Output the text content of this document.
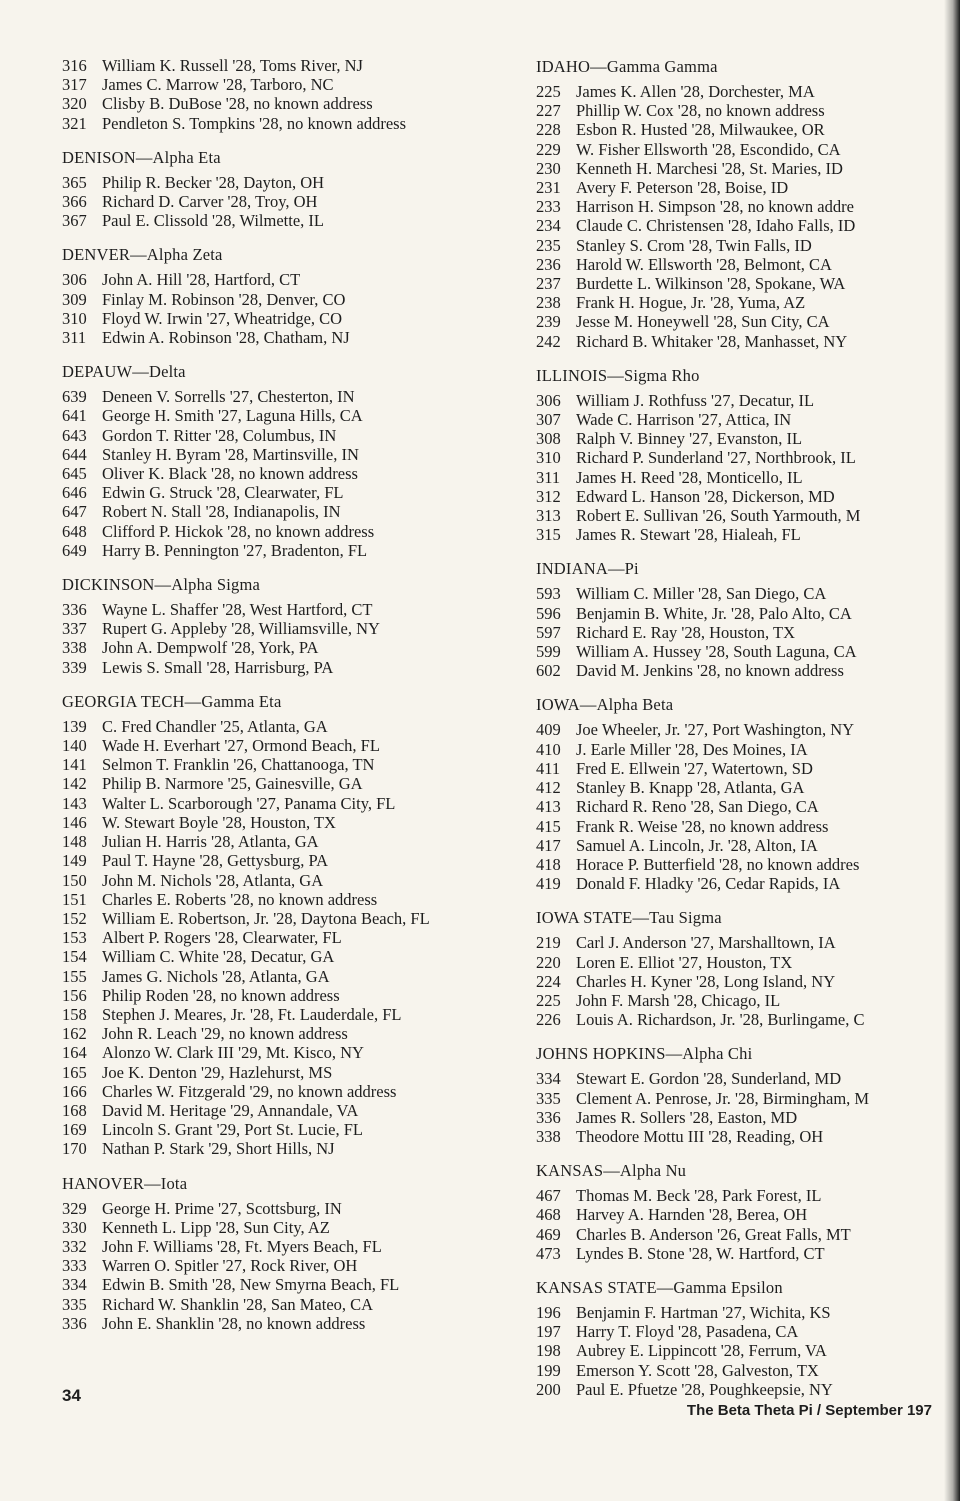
316 William K. Russell '28, Toms River, NJ
317 James C. Marrow '28, Tarboro, NC
320 Clisby B. DuBose '28, no known address
321 Pendleton S. Tompkins '28, no known address
DENISON—Alpha Eta
365 Philip R. Becker '28, Dayton, OH
366 Richard D. Carver '28, Troy, OH
367 Paul E. Clissold '28, Wilmette, IL
DENVER—Alpha Zeta
306 John A. Hill '28, Hartford, CT
309 Finlay M. Robinson '28, Denver, CO
310 Floyd W. Irwin '27, Wheatridge, CO
311 Edwin A. Robinson '28, Chatham, NJ
DEPAUW—Delta
639 Deneen V. Sorrells '27, Chesterton, IN
641 George H. Smith '27, Laguna Hills, CA
643 Gordon T. Ritter '28, Columbus, IN
644 Stanley H. Byram '28, Martinsville, IN
645 Oliver K. Black '28, no known address
646 Edwin G. Struck '28, Clearwater, FL
647 Robert N. Stall '28, Indianapolis, IN
648 Clifford P. Hickok '28, no known address
649 Harry B. Pennington '27, Bradenton, FL
DICKINSON—Alpha Sigma
336 Wayne L. Shaffer '28, West Hartford, CT
337 Rupert G. Appleby '28, Williamsville, NY
338 John A. Dempwolf '28, York, PA
339 Lewis S. Small '28, Harrisburg, PA
GEORGIA TECH—Gamma Eta
139 C. Fred Chandler '25, Atlanta, GA
140 Wade H. Everhart '27, Ormond Beach, FL
141 Selmon T. Franklin '26, Chattanooga, TN
142 Philip B. Narmore '25, Gainesville, GA
143 Walter L. Scarborough '27, Panama City, FL
146 W. Stewart Boyle '28, Houston, TX
148 Julian H. Harris '28, Atlanta, GA
149 Paul T. Hayne '28, Gettysburg, PA
150 John M. Nichols '28, Atlanta, GA
151 Charles E. Roberts '28, no known address
152 William E. Robertson, Jr. '28, Daytona Beach, FL
153 Albert P. Rogers '28, Clearwater, FL
154 William C. White '28, Decatur, GA
155 James G. Nichols '28, Atlanta, GA
156 Philip Roden '28, no known address
158 Stephen J. Meares, Jr. '28, Ft. Lauderdale, FL
162 John R. Leach '29, no known address
164 Alonzo W. Clark III '29, Mt. Kisco, NY
165 Joe K. Denton '29, Hazlehurst, MS
166 Charles W. Fitzgerald '29, no known address
168 David M. Heritage '29, Annandale, VA
169 Lincoln S. Grant '29, Port St. Lucie, FL
170 Nathan P. Stark '29, Short Hills, NJ
HANOVER—Iota
329 George H. Prime '27, Scottsburg, IN
330 Kenneth L. Lipp '28, Sun City, AZ
332 John F. Williams '28, Ft. Myers Beach, FL
333 Warren O. Spitler '27, Rock River, OH
334 Edwin B. Smith '28, New Smyrna Beach, FL
335 Richard W. Shanklin '28, San Mateo, CA
336 John E. Shanklin '28, no known address
IDAHO—Gamma Gamma
225 James K. Allen '28, Dorchester, MA
227 Phillip W. Cox '28, no known address
228 Esbon R. Husted '28, Milwaukee, OR
229 W. Fisher Ellsworth '28, Escondido, CA
230 Kenneth H. Marchesi '28, St. Maries, ID
231 Avery F. Peterson '28, Boise, ID
233 Harrison H. Simpson '28, no known addre
234 Claude C. Christensen '28, Idaho Falls, ID
235 Stanley S. Crom '28, Twin Falls, ID
236 Harold W. Ellsworth '28, Belmont, CA
237 Burdette L. Wilkinson '28, Spokane, WA
238 Frank H. Hogue, Jr. '28, Yuma, AZ
239 Jesse M. Honeywell '28, Sun City, CA
242 Richard B. Whitaker '28, Manhasset, NY
ILLINOIS—Sigma Rho
306 William J. Rothfuss '27, Decatur, IL
307 Wade C. Harrison '27, Attica, IN
308 Ralph V. Binney '27, Evanston, IL
310 Richard P. Sunderland '27, Northbrook, IL
311 James H. Reed '28, Monticello, IL
312 Edward L. Hanson '28, Dickerson, MD
313 Robert E. Sullivan '26, South Yarmouth, M
315 James R. Stewart '28, Hialeah, FL
INDIANA—Pi
593 William C. Miller '28, San Diego, CA
596 Benjamin B. White, Jr. '28, Palo Alto, CA
597 Richard E. Ray '28, Houston, TX
599 William A. Hussey '28, South Laguna, CA
602 David M. Jenkins '28, no known address
IOWA—Alpha Beta
409 Joe Wheeler, Jr. '27, Port Washington, NY
410 J. Earle Miller '28, Des Moines, IA
411 Fred E. Ellwein '27, Watertown, SD
412 Stanley B. Knapp '28, Atlanta, GA
413 Richard R. Reno '28, San Diego, CA
415 Frank R. Weise '28, no known address
417 Samuel A. Lincoln, Jr. '28, Alton, IA
418 Horace P. Butterfield '28, no known addres
419 Donald F. Hladky '26, Cedar Rapids, IA
IOWA STATE—Tau Sigma
219 Carl J. Anderson '27, Marshalltown, IA
220 Loren E. Elliot '27, Houston, TX
224 Charles H. Kyner '28, Long Island, NY
225 John F. Marsh '28, Chicago, IL
226 Louis A. Richardson, Jr. '28, Burlingame, C
JOHNS HOPKINS—Alpha Chi
334 Stewart E. Gordon '28, Sunderland, MD
335 Clement A. Penrose, Jr. '28, Birmingham, M
336 James R. Sollers '28, Easton, MD
338 Theodore Mottu III '28, Reading, OH
KANSAS—Alpha Nu
467 Thomas M. Beck '28, Park Forest, IL
468 Harvey A. Harnden '28, Berea, OH
469 Charles B. Anderson '26, Great Falls, MT
473 Lyndes B. Stone '28, W. Hartford, CT
KANSAS STATE—Gamma Epsilon
196 Benjamin F. Hartman '27, Wichita, KS
197 Harry T. Floyd '28, Pasadena, CA
198 Aubrey E. Lippincott '28, Ferrum, VA
199 Emerson Y. Scott '28, Galveston, TX
200 Paul E. Pfuetze '28, Poughkeepsie, NY
34
The Beta Theta Pi / September 197
